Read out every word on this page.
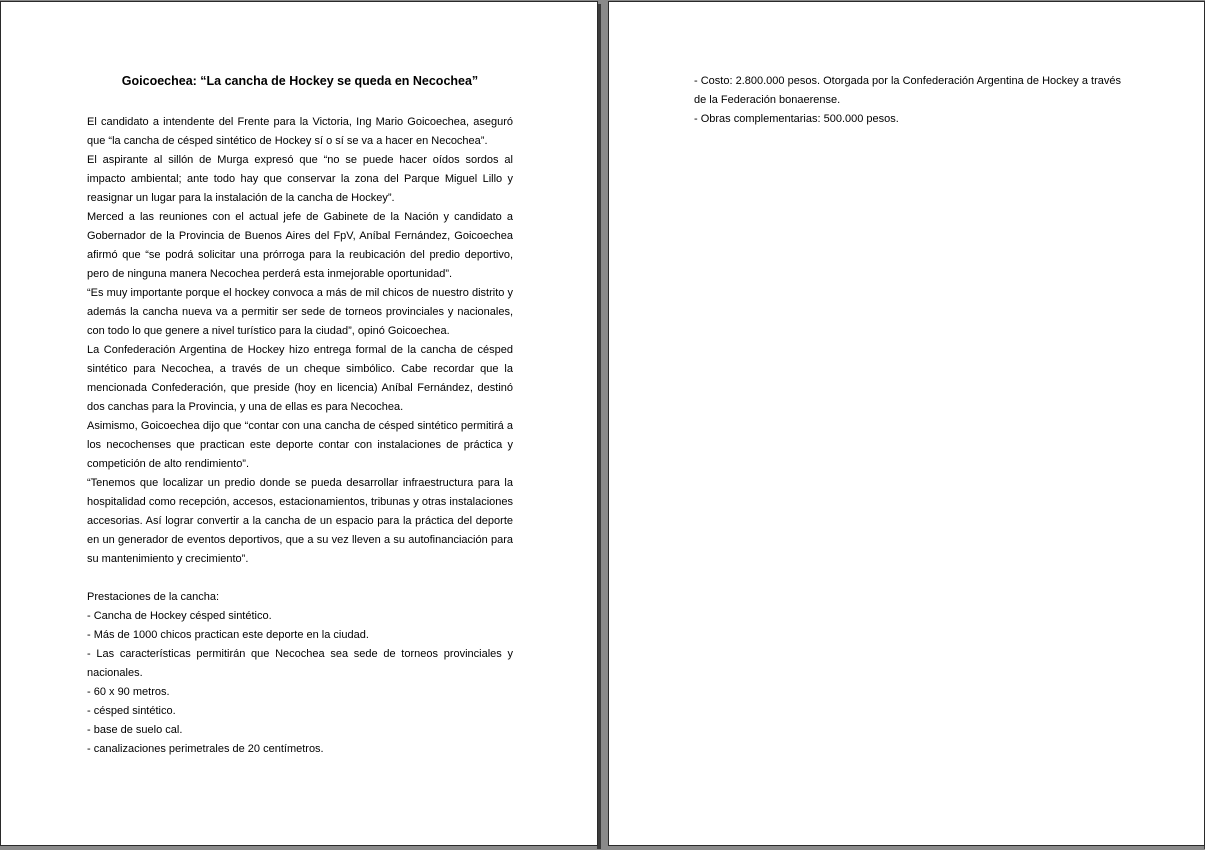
Goicoechea: “La cancha de Hockey se queda en Necochea”

El candidato a intendente del Frente para la Victoria, Ing Mario Goicoechea, aseguró que “la cancha de césped sintético de Hockey sí o sí se va a hacer en Necochea”.

El aspirante al sillón de Murga expresó que “no se puede hacer oídos sordos al impacto ambiental; ante todo hay que conservar la zona del Parque Miguel Lillo y reasignar un lugar para la instalación de la cancha de Hockey”.

Merced a las reuniones con el actual jefe de Gabinete de la Nación y candidato a Gobernador de la Provincia de Buenos Aires del FpV, Aníbal Fernández, Goicoechea afirmó que “se podrá solicitar una prórroga para la reubicación del predio deportivo, pero de ninguna manera Necochea perderá esta inmejorable oportunidad”.

“Es muy importante porque el hockey convoca a más de mil chicos de nuestro distrito y además la cancha nueva va a permitir ser sede de torneos provinciales y nacionales, con todo lo que genere a nivel turístico para la ciudad”, opinó Goicoechea.

La Confederación Argentina de Hockey hizo entrega formal de la cancha de césped sintético para Necochea, a través de un cheque simbólico. Cabe recordar que la mencionada Confederación, que preside (hoy en licencia) Aníbal Fernández, destinó dos canchas para la Provincia, y una de ellas es para Necochea.

Asimismo, Goicoechea dijo que “contar con una cancha de césped sintético permitirá a los necochenses que practican este deporte contar con instalaciones de práctica y competición de alto rendimiento”.

“Tenemos que localizar un predio donde se pueda desarrollar infraestructura para la hospitalidad como recepción, accesos, estacionamientos, tribunas y otras instalaciones accesorias. Así lograr convertir a la cancha de un espacio para la práctica del deporte en un generador de eventos deportivos, que a su vez lleven a su autofinanciación para su mantenimiento y crecimiento”.

Prestaciones de la cancha:

- Cancha de Hockey césped sintético.

- Más de 1000 chicos practican este deporte en la ciudad.

- Las características permitirán que Necochea sea sede de torneos provinciales y nacionales.

- 60 x 90 metros.

- césped sintético.

- base de suelo cal.

- canalizaciones perimetrales de 20 centímetros.

- Costo: 2.800.000 pesos. Otorgada por la Confederación Argentina de Hockey a través de la Federación bonaerense.

- Obras complementarias: 500.000 pesos.
